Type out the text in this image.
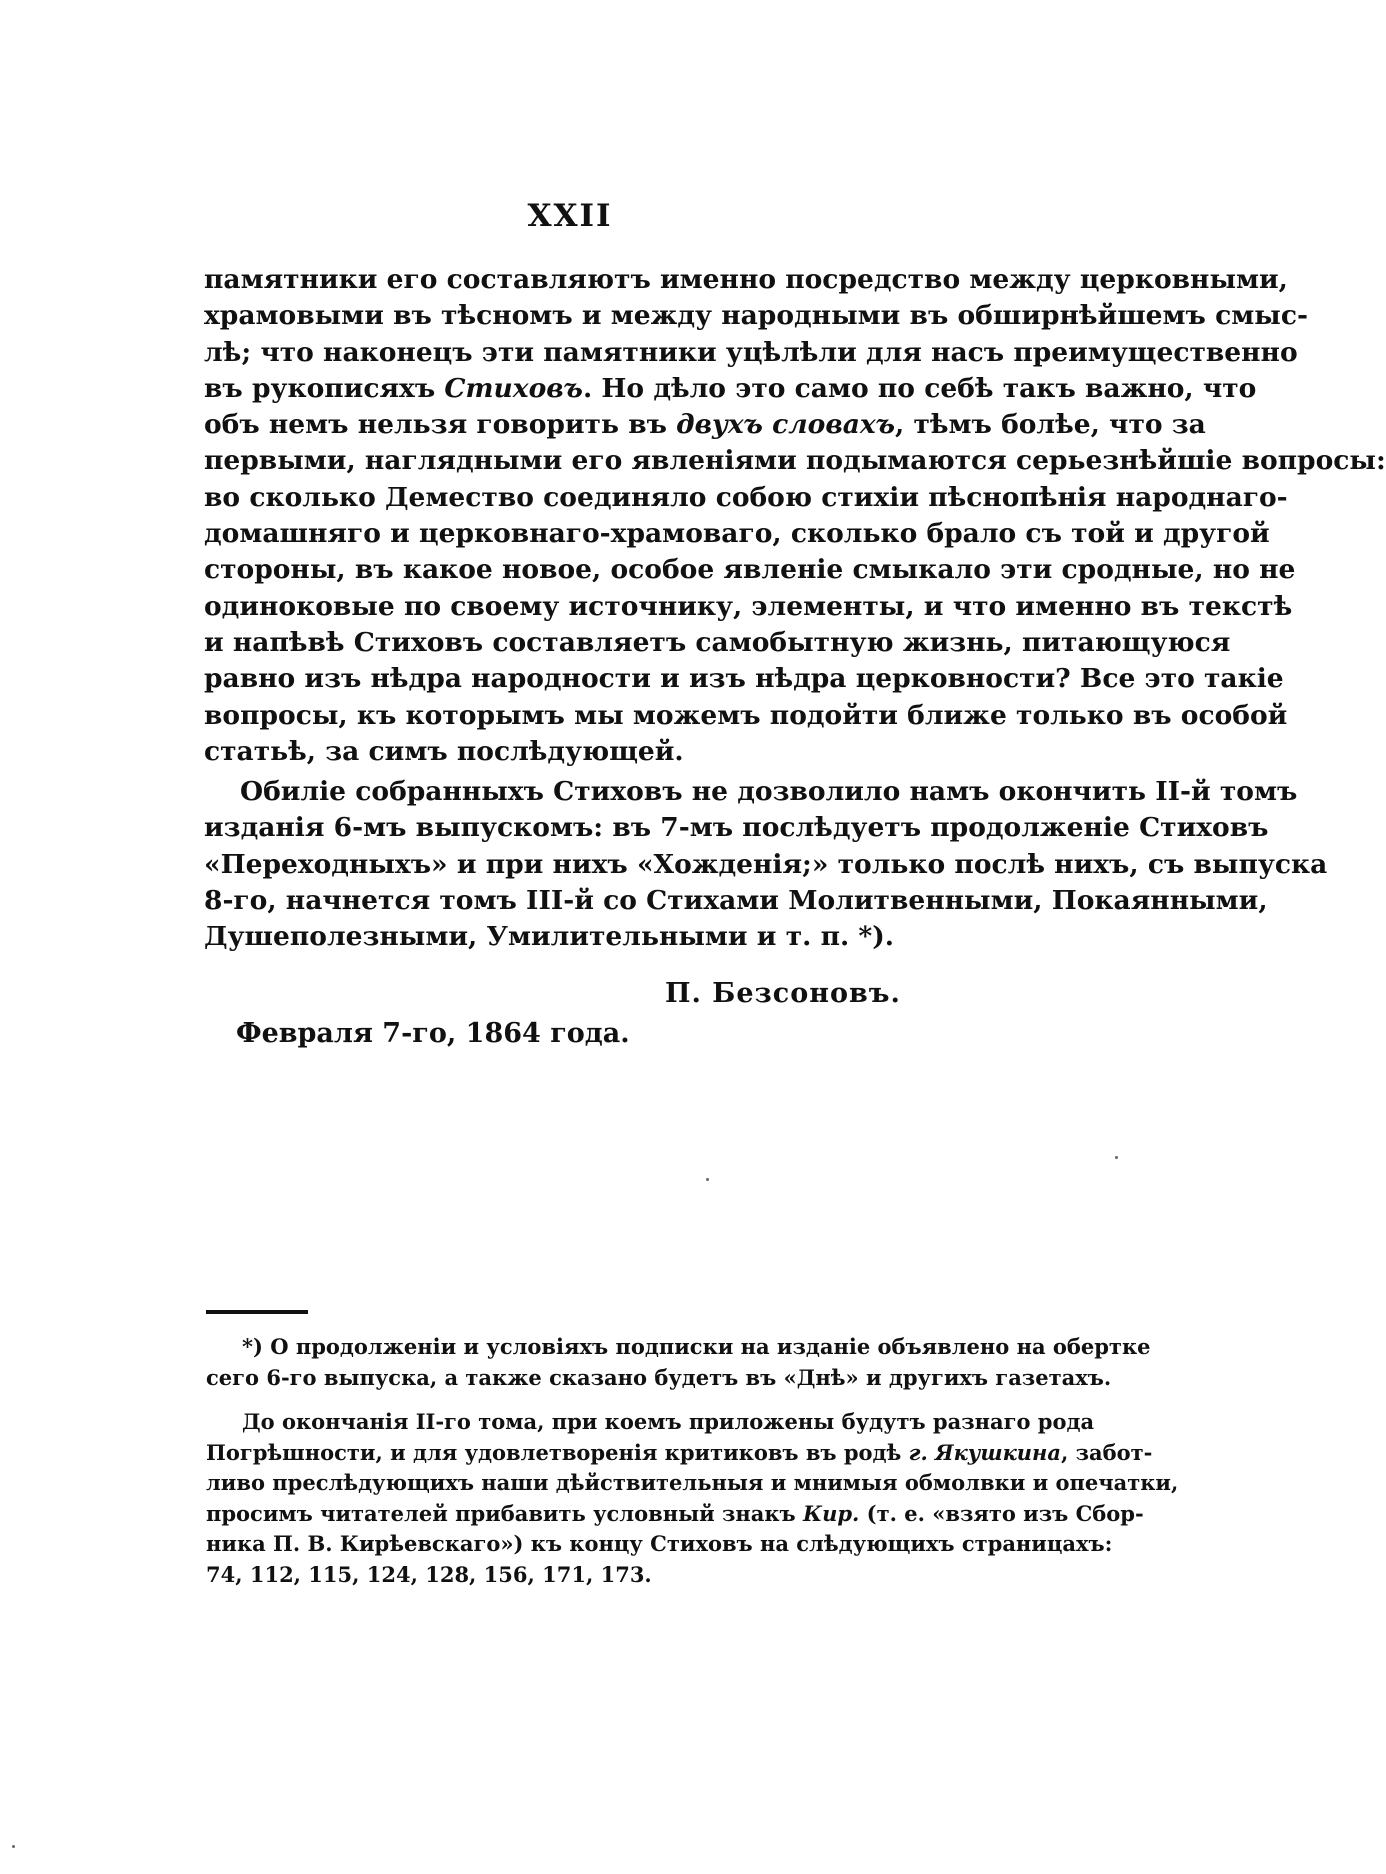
XXII
памятники его составляютъ именно посредство между церковными,
храмовыми въ тѣсномъ и между народными въ обширнѣйшемъ смыс-
лѣ; что наконецъ эти памятники уцѣлѣли для насъ преимущественно
въ рукописяхъ Стиховъ. Но дѣло это само по себѣ такъ важно, что
объ немъ нельзя говорить въ двухъ словахъ, тѣмъ болѣе, что за
первыми, наглядными его явленіями подымаются серьезнѣйшіе вопросы:
во сколько Демество соединяло собою стихіи пѣснопѣнія народнаго-
домашняго и церковнаго-храмоваго, сколько брало съ той и другой
стороны, въ какое новое, особое явленіе смыкало эти сродные, но не
одиноковые по своему источнику, элементы, и что именно въ текстѣ
и напѣвѣ Стиховъ составляетъ самобытную жизнь, питающуюся
равно изъ нѣдра народности и изъ нѣдра церковности? Все это такіе
вопросы, къ которымъ мы можемъ подойти ближе только въ особой
статьѣ, за симъ послѣдующей.
Обиліе собранныхъ Стиховъ не дозволило намъ окончить II-й томъ
изданія 6-мъ выпускомъ: въ 7-мъ послѣдуетъ продолженіе Стиховъ
«Переходныхъ» и при нихъ «Хожденія;» только послѣ нихъ, съ выпуска
8-го, начнется томъ III-й со Стихами Молитвенными, Покаянными,
Душеполезными, Умилительными и т. п. *).
П. Безсоновъ.
Февраля 7-го, 1864 года.
*) О продолженіи и условіяхъ подписки на изданіе объявлено на обертке
сего 6-го выпуска, а также сказано будетъ въ «Днѣ» и другихъ газетахъ.
До окончанія II-го тома, при коемъ приложены будутъ разнаго рода
Погрѣшности, и для удовлетворенія критиковъ въ родѣ г. Якушкина, забот-
ливо преслѣдующихъ наши дѣйствительныя и мнимыя обмолвки и опечатки,
просимъ читателей прибавить условный знакъ Кир. (т. е. «взято изъ Сбор-
ника П. В. Кирѣевскаго») къ концу Стиховъ на слѣдующихъ страницахъ:
74, 112, 115, 124, 128, 156, 171, 173.
